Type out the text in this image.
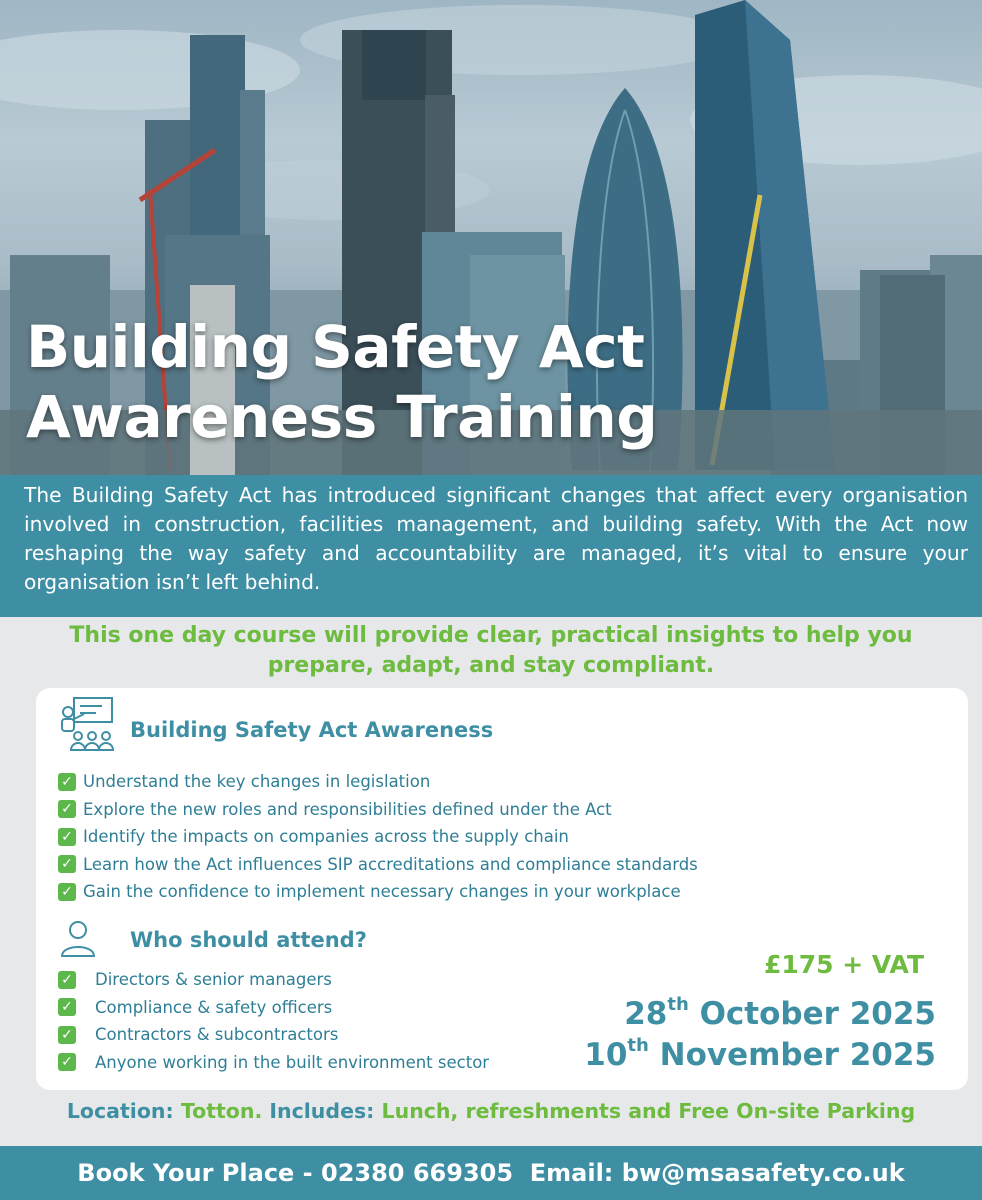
Building Safety Act
Awareness Training

The Building Safety Act has introduced significant changes that affect every organisation involved in construction, facilities management, and building safety. With the Act now reshaping the way safety and accountability are managed, it’s vital to ensure your organisation isn’t left behind.

This one day course will provide clear, practical insights to help you
prepare, adapt, and stay compliant.
Building Safety Act Awareness
✓ Understand the key changes in legislation
✓ Explore the new roles and responsibilities defined under the Act
✓ Identify the impacts on companies across the supply chain
✓ Learn how the Act influences SIP accreditations and compliance standards
✓ Gain the confidence to implement necessary changes in your workplace
Who should attend?
✓ Directors & senior managers
✓ Compliance & safety officers
✓ Contractors & subcontractors
✓ Anyone working in the built environment sector
£175 + VAT
28th October 2025
10th November 2025
Location: Totton. Includes: Lunch, refreshments and Free On-site Parking
Book Your Place - 02380 669305  Email: bw@msasafety.co.uk
